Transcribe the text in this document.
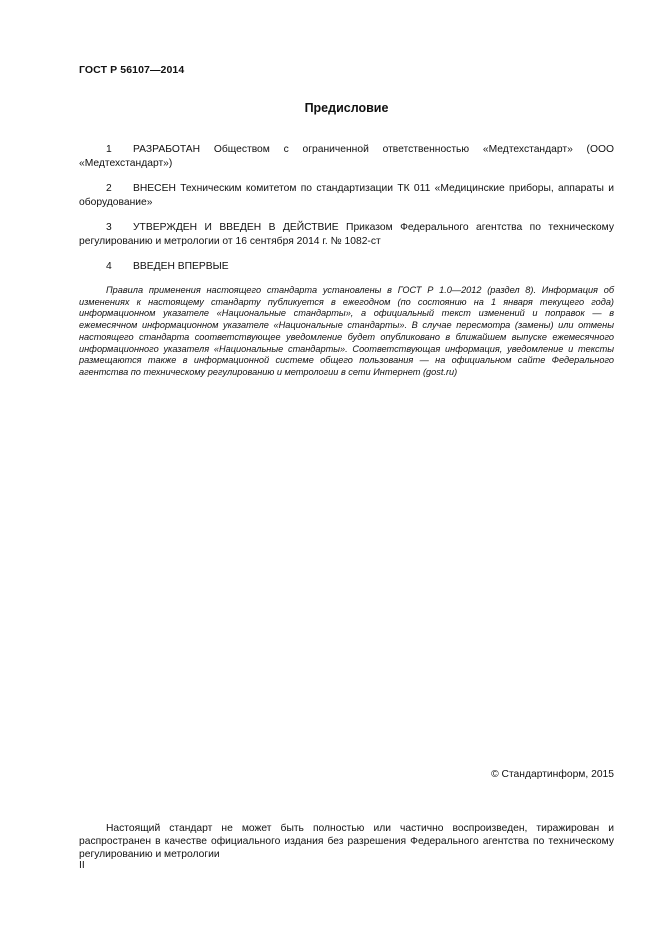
ГОСТ Р 56107—2014
Предисловие

1 РАЗРАБОТАН Обществом с ограниченной ответственностью «Медтехстандарт» (ООО «Медтехстандарт»)

2 ВНЕСЕН Техническим комитетом по стандартизации ТК 011 «Медицинские приборы, аппараты и оборудование»

3 УТВЕРЖДЕН И ВВЕДЕН В ДЕЙСТВИЕ Приказом Федерального агентства по техническому регулированию и метрологии от 16 сентября 2014 г. № 1082-ст

4 ВВЕДЕН ВПЕРВЫЕ

Правила применения настоящего стандарта установлены в ГОСТ Р 1.0—2012 (раздел 8). Информация об изменениях к настоящему стандарту публикуется в ежегодном (по состоянию на 1 января текущего года) информационном указателе «Национальные стандарты», а официальный текст изменений и поправок — в ежемесячном информационном указателе «Национальные стандарты». В случае пересмотра (замены) или отмены настоящего стандарта соответствующее уведомление будет опубликовано в ближайшем выпуске ежемесячного информационного указателя «Национальные стандарты». Соответствующая информация, уведомление и тексты размещаются также в информационной системе общего пользования — на официальном сайте Федерального агентства по техническому регулированию и метрологии в сети Интернет (gost.ru)
© Стандартинформ, 2015
Настоящий стандарт не может быть полностью или частично воспроизведен, тиражирован и распространен в качестве официального издания без разрешения Федерального агентства по техническому регулированию и метрологии
II
